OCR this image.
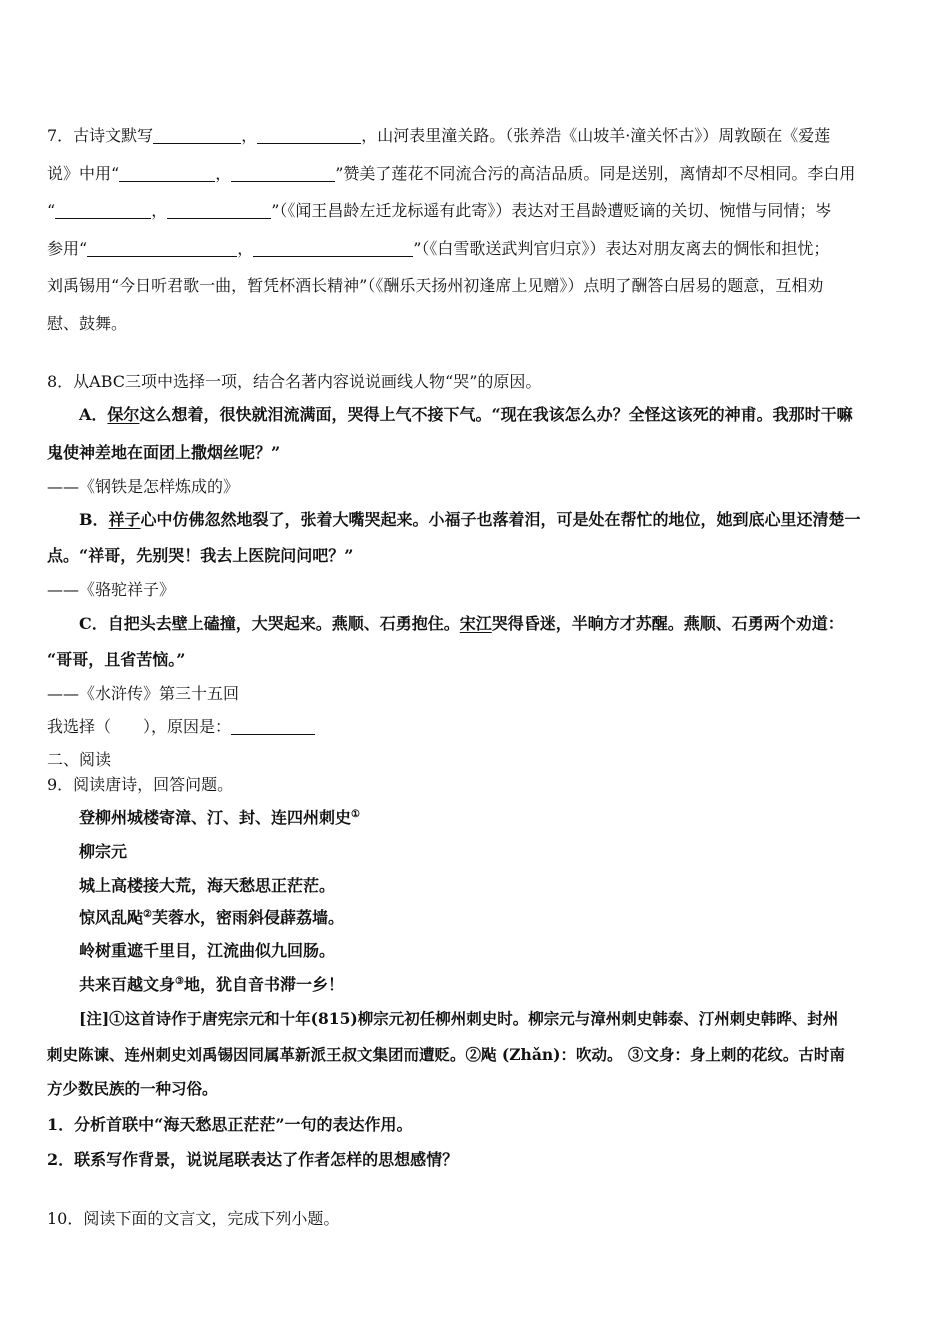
7．古诗文默写	，	，山河表里潼关路。（张养浩《山坡羊·潼关怀古》）周敦颐在《爱莲
说》中用“	，	”赞美了莲花不同流合污的高洁品质。同是送别，离情却不尽相同。李白用
“	，	”（《闻王昌龄左迁龙标遥有此寄》）表达对王昌龄遭贬谪的关切、惋惜与同情；岑
参用“	，	”（《白雪歌送武判官归京》）表达对朋友离去的惆怅和担忧；
刘禹锡用“今日听君歌一曲，暂凭杯酒长精神”（《酬乐天扬州初逢席上见赠》）点明了酬答白居易的题意，互相劝
慰、鼓舞。
8．从ABC三项中选择一项，结合名著内容说说画线人物“哭”的原因。
A．保尔这么想着，很快就泪流满面，哭得上气不接下气。“现在我该怎么办？全怪这该死的神甫。我那时干嘛
鬼使神差地在面团上撒烟丝呢？”
——《钢铁是怎样炼成的》
B．祥子心中仿佛忽然地裂了，张着大嘴哭起来。小福子也落着泪，可是处在帮忙的地位，她到底心里还清楚一
点。“祥哥，先别哭！我去上医院问问吧？”
——《骆驼祥子》
C．自把头去壁上磕撞，大哭起来。燕顺、石勇抱住。宋江哭得昏迷，半晌方才苏醒。燕顺、石勇两个劝道：
“哥哥，且省苦恼。”
——《水浒传》第三十五回
我选择（　　），原因是：
二、阅读
9．阅读唐诗，回答问题。
登柳州城楼寄漳、汀、封、连四州刺史①
柳宗元
城上高楼接大荒，海天愁思正茫茫。
惊风乱飐②芙蓉水，密雨斜侵薜荔墙。
岭树重遮千里目，江流曲似九回肠。
共来百越文身③地，犹自音书滞一乡！
[注]①这首诗作于唐宪宗元和十年(815)柳宗元初任柳州刺史时。柳宗元与漳州刺史韩泰、汀州刺史韩晔、封州
刺史陈谏、连州刺史刘禹锡因同属革新派王叔文集团而遭贬。②飐 (Zhǎn)：吹动。 ③文身：身上刺的花纹。古时南
方少数民族的一种习俗。
1．分析首联中“海天愁思正茫茫”一句的表达作用。
2．联系写作背景，说说尾联表达了作者怎样的思想感情？
10．阅读下面的文言文，完成下列小题。
